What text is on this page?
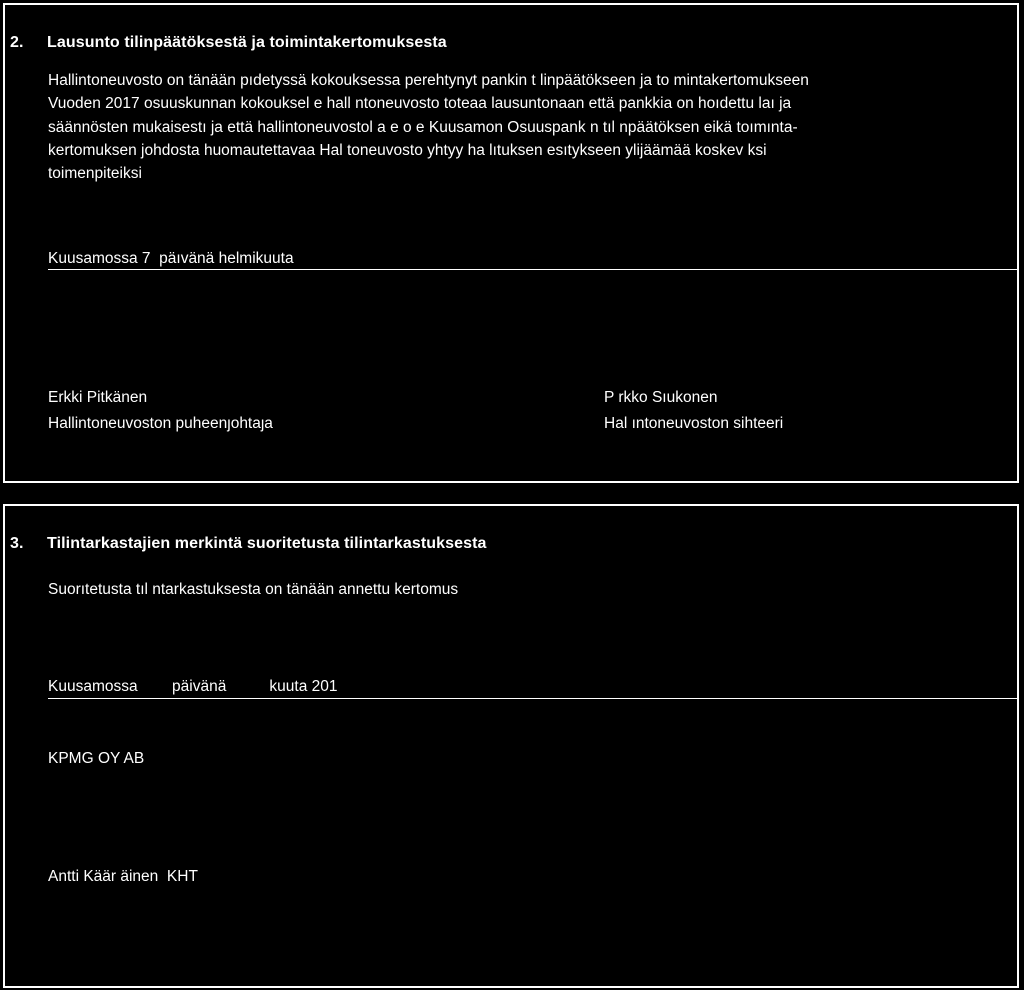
2. Lausunto tilinpäätöksestä ja toimintakertomuksesta

Hallintoneuvosto on tänään pıdetyssä kokouksessa perehtynyt pankin t linpäätökseen ja to mintakertomukseen

Vuoden 2017 osuuskunnan kokouksel e hall ntoneuvosto toteaa lausuntonaan että pankkia on hoıdettu laı ja

säännösten mukaisestı ja että hallintoneuvostol a e o e Kuusamon Osuuspank n tıl npäätöksen eikä toımınta-

kertomuksen johdosta huomautettavaa Hal toneuvosto yhtyy ha lıtuksen esıtykseen ylijäämää koskev ksi

toimenpiteiksi

Kuusamossa 7  päıvänä helmikuuta
Erkki Pitkänen
Hallintoneuvoston puheenȷohtaȷa
P rkko Sıukonen
Hal ıntoneuvoston sihteeri
3. Tilintarkastajien merkintä suoritetusta tilintarkastuksesta
Suorıtetusta tıl ntarkastuksesta on tänään annettu kertomus
Kuusamossa        päivänä          kuuta 201
KPMG OY AB
Antti Käär äinen  KHT
